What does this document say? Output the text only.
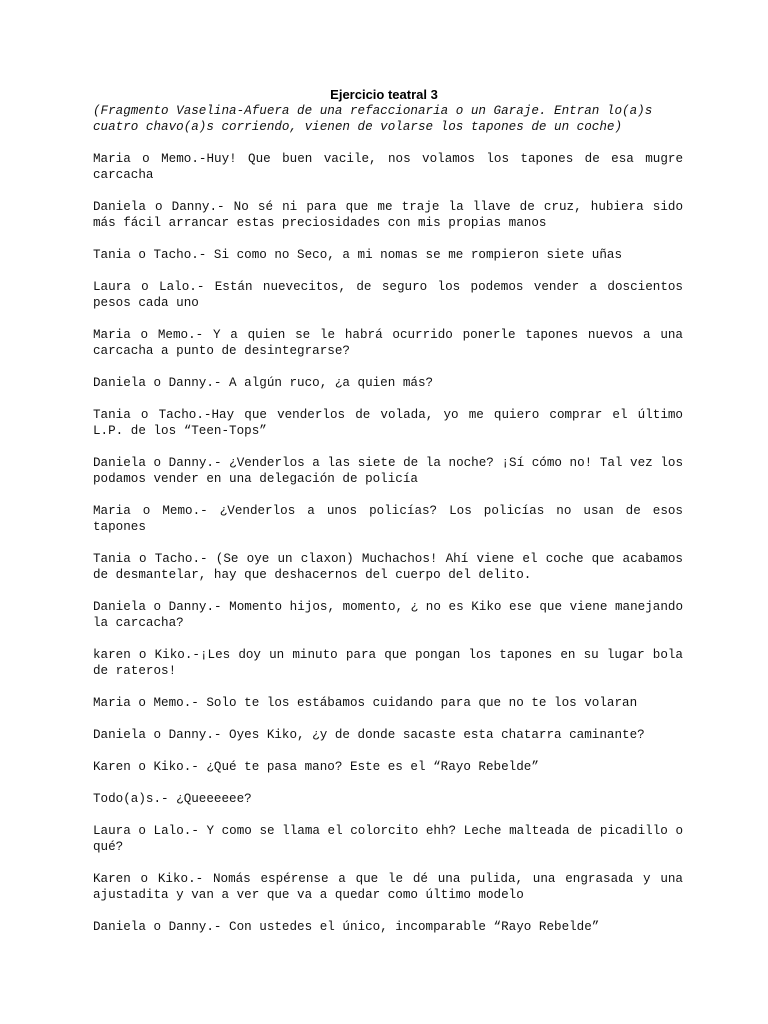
Ejercicio teatral 3

(Fragmento Vaselina-Afuera de una refaccionaria o un Garaje. Entran lo(a)s cuatro chavo(a)s corriendo, vienen de volarse los tapones de un coche)

Maria o Memo.-Huy! Que buen vacile, nos volamos los tapones de esa mugre carcacha

Daniela o Danny.- No sé ni para que me traje la llave de cruz, hubiera sido más fácil arrancar estas preciosidades con mis propias manos

Tania o Tacho.- Si como no Seco, a mi nomas se me rompieron siete uñas

Laura o Lalo.- Están nuevecitos, de seguro los podemos vender a doscientos pesos cada uno

Maria o Memo.- Y a quien se le habrá ocurrido ponerle tapones nuevos a una carcacha a punto de desintegrarse?

Daniela o Danny.- A algún ruco, ¿a quien más?

Tania o Tacho.-Hay que venderlos de volada, yo me quiero comprar el último L.P. de los “Teen-Tops”

Daniela o Danny.- ¿Venderlos a las siete de la noche? ¡Sí cómo no! Tal vez los podamos vender en una delegación de policía

Maria o Memo.- ¿Venderlos a unos policías? Los policías no usan de esos tapones

Tania o Tacho.- (Se oye un claxon) Muchachos! Ahí viene el coche que acabamos de desmantelar, hay que deshacernos del cuerpo del delito.

Daniela o Danny.- Momento hijos, momento, ¿ no es Kiko ese que viene manejando la carcacha?

karen o Kiko.-¡Les doy un minuto para que pongan los tapones en su lugar bola de rateros!

Maria o Memo.- Solo te los estábamos cuidando para que no te los volaran

Daniela o Danny.- Oyes Kiko, ¿y de donde sacaste esta chatarra caminante?

Karen o Kiko.- ¿Qué te pasa mano? Este es el “Rayo Rebelde”

Todo(a)s.- ¿Queeeeee?

Laura o Lalo.- Y como se llama el colorcito ehh? Leche malteada de picadillo o qué?

Karen o Kiko.- Nomás espérense a que le dé una pulida, una engrasada y una ajustadita y van a ver que va a quedar como último modelo

Daniela o Danny.- Con ustedes el único, incomparable “Rayo Rebelde”
